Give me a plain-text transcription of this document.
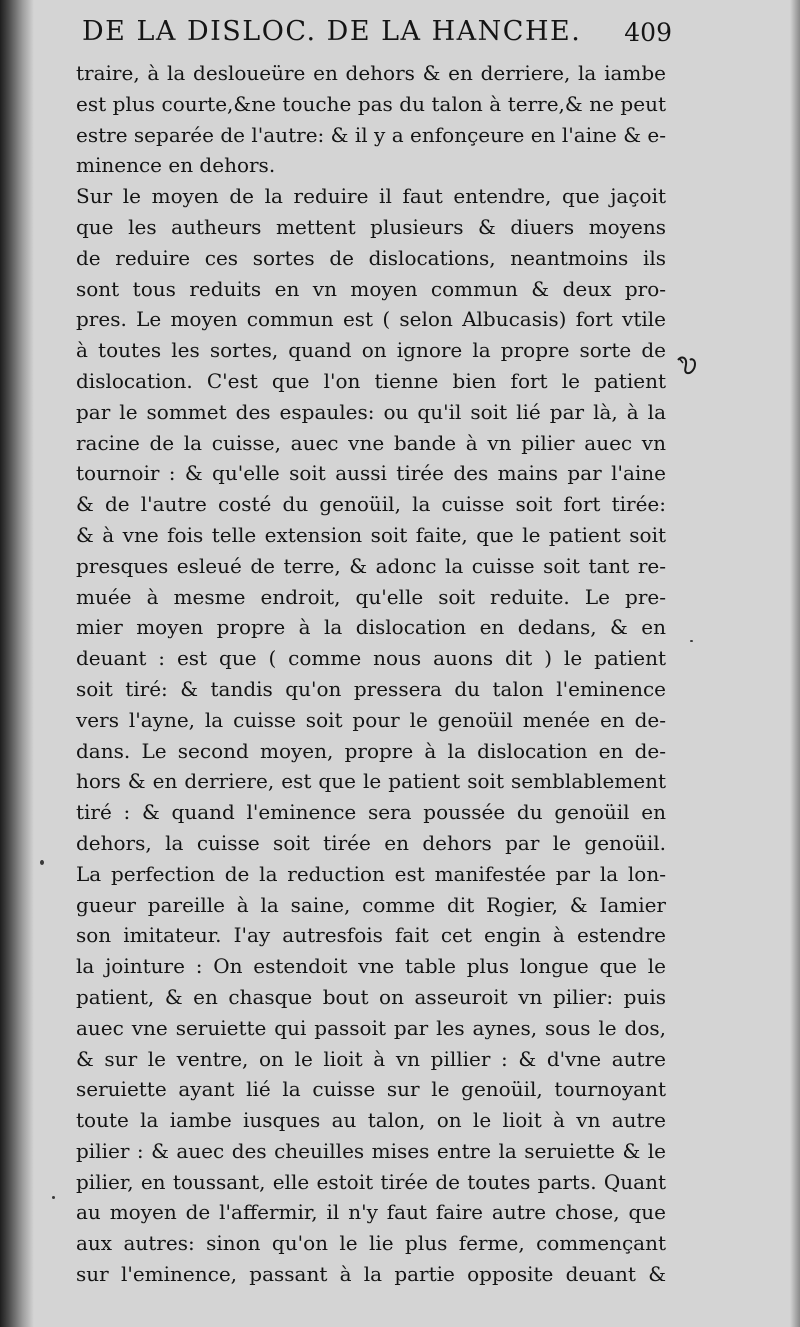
DE LA DISLOC. DE LA HANCHE. 409
traire, à la desloueüre en dehors & en derriere, la iambe
est plus courte,&ne touche pas du talon à terre,& ne peut
estre separée de l'autre: & il y a enfonçeure en l'aine & e-
minence en dehors.
Sur le moyen de la reduire il faut entendre, que jaçoit
que les autheurs mettent plusieurs & diuers moyens
de reduire ces sortes de dislocations, neantmoins ils
sont tous reduits en vn moyen commun & deux pro-
pres. Le moyen commun est ( selon Albucasis) fort vtile
à toutes les sortes, quand on ignore la propre sorte de
dislocation. C'est que l'on tienne bien fort le patient
par le sommet des espaules: ou qu'il soit lié par là, à la
racine de la cuisse, auec vne bande à vn pilier auec vn
tournoir : & qu'elle soit aussi tirée des mains par l'aine
& de l'autre costé du genoüil, la cuisse soit fort tirée:
& à vne fois telle extension soit faite, que le patient soit
presques esleué de terre, & adonc la cuisse soit tant re-
muée à mesme endroit, qu'elle soit reduite. Le pre-
mier moyen propre à la dislocation en dedans, & en
deuant : est que ( comme nous auons dit ) le patient
soit tiré: & tandis qu'on pressera du talon l'eminence
vers l'ayne, la cuisse soit pour le genoüil menée en de-
dans. Le second moyen, propre à la dislocation en de-
hors & en derriere, est que le patient soit semblablement
tiré : & quand l'eminence sera poussée du genoüil en
dehors, la cuisse soit tirée en dehors par le genoüil.
La perfection de la reduction est manifestée par la lon-
gueur pareille à la saine, comme dit Rogier, & Iamier
son imitateur. I'ay autresfois fait cet engin à estendre
la jointure : On estendoit vne table plus longue que le
patient, & en chasque bout on asseuroit vn pilier: puis
auec vne seruiette qui passoit par les aynes, sous le dos,
& sur le ventre, on le lioit à vn pillier : & d'vne autre
seruiette ayant lié la cuisse sur le genoüil, tournoyant
toute la iambe iusques au talon, on le lioit à vn autre
pilier : & auec des cheuilles mises entre la seruiette & le
pilier, en toussant, elle estoit tirée de toutes parts. Quant
au moyen de l'affermir, il n'y faut faire autre chose, que
aux autres: sinon qu'on le lie plus ferme, commençant
sur l'eminence, passant à la partie opposite deuant &
